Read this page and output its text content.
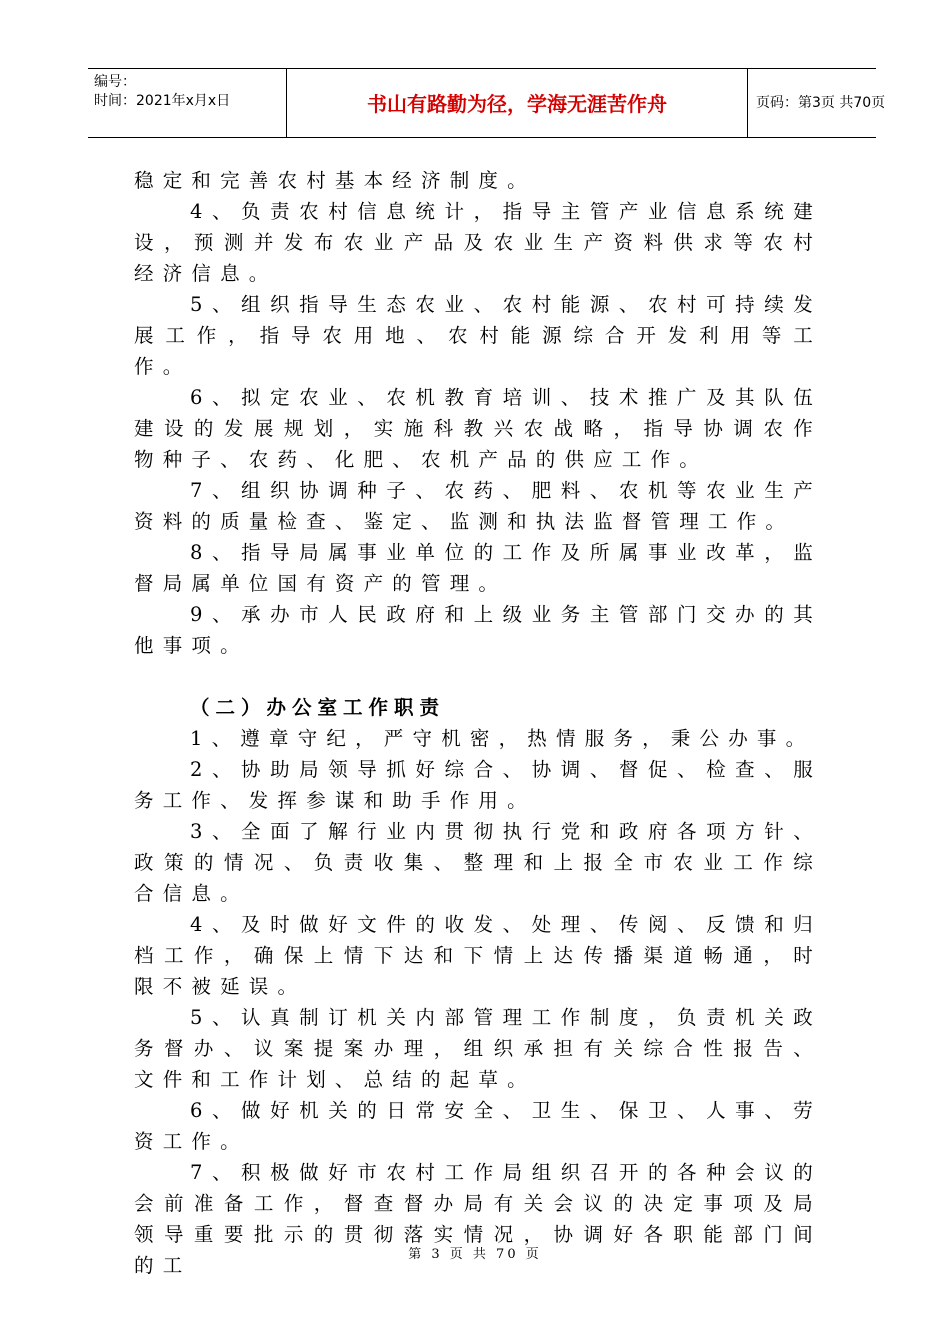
编号：
时间：2021年x月x日	书山有路勤为径，学海无涯苦作舟	页码：第3页 共70页

稳定和完善农村基本经济制度。

4、负责农村信息统计，指导主管产业信息系统建设，预测并发布农业产品及农业生产资料供求等农村经济信息。

5、组织指导生态农业、农村能源、农村可持续发展工作，指导农用地、农村能源综合开发利用等工作。

6、拟定农业、农机教育培训、技术推广及其队伍建设的发展规划，实施科教兴农战略，指导协调农作物种子、农药、化肥、农机产品的供应工作。

7、组织协调种子、农药、肥料、农机等农业生产资料的质量检查、鉴定、监测和执法监督管理工作。

8、指导局属事业单位的工作及所属事业改革，监督局属单位国有资产的管理。

9、承办市人民政府和上级业务主管部门交办的其他事项。

（二）办公室工作职责

1、遵章守纪，严守机密，热情服务，秉公办事。

2、协助局领导抓好综合、协调、督促、检查、服务工作、发挥参谋和助手作用。

3、全面了解行业内贯彻执行党和政府各项方针、政策的情况、负责收集、整理和上报全市农业工作综合信息。

4、及时做好文件的收发、处理、传阅、反馈和归档工作，确保上情下达和下情上达传播渠道畅通，时限不被延误。

5、认真制订机关内部管理工作制度，负责机关政务督办、议案提案办理，组织承担有关综合性报告、文件和工作计划、总结的起草。

6、做好机关的日常安全、卫生、保卫、人事、劳资工作。

7、积极做好市农村工作局组织召开的各种会议的会前准备工作，督查督办局有关会议的决定事项及局领导重要批示的贯彻落实情况，协调好各职能部门间的工	第 3 页 共 70 页
